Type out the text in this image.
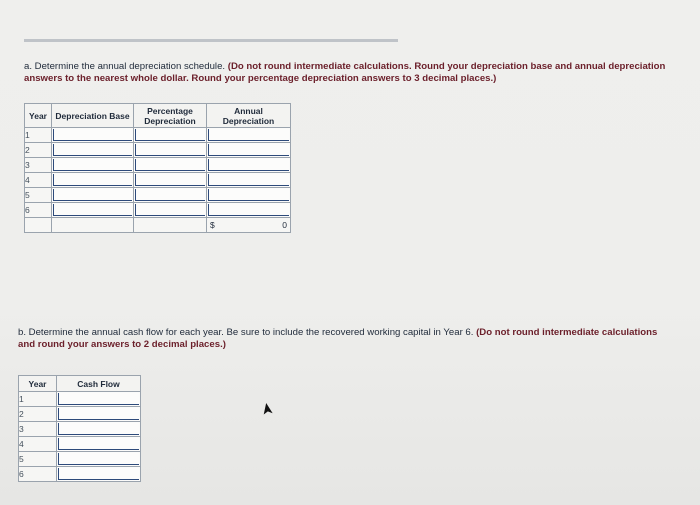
a. Determine the annual depreciation schedule. (Do not round intermediate calculations. Round your depreciation base and annual depreciation answers to the nearest whole dollar. Round your percentage depreciation answers to 3 decimal places.)
Year	Depreciation Base	Percentage Depreciation	Annual Depreciation
1	

2	

3	

4	

5	

6	

			$ 0
b. Determine the annual cash flow for each year. Be sure to include the recovered working capital in Year 6. (Do not round intermediate calculations and round your answers to 2 decimal places.)
Year	Cash Flow
1	

2	

3	

4	

5	

6	
